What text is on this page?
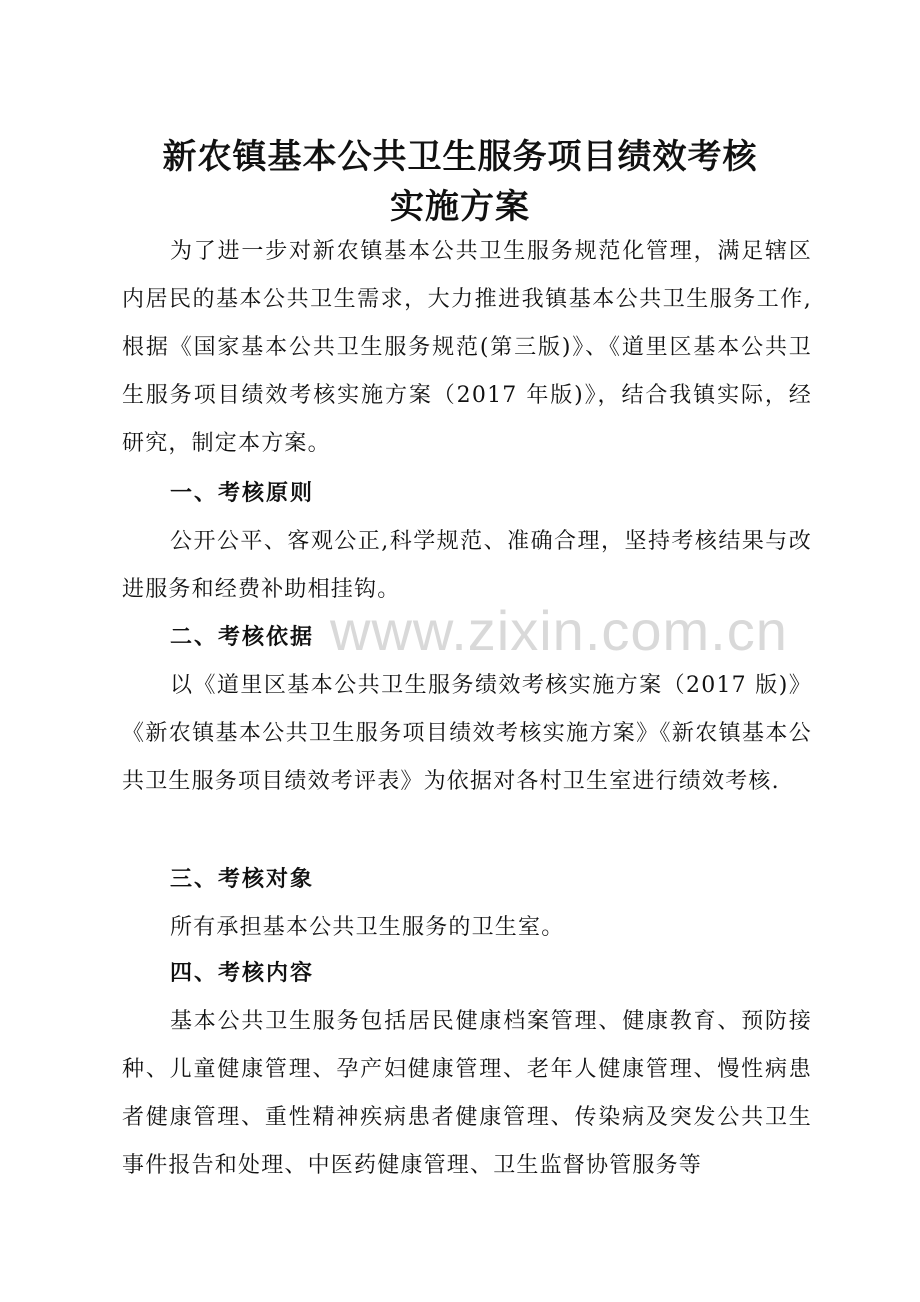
www.zixin.com.cn
新农镇基本公共卫生服务项目绩效考核
实施方案

为了进一步对新农镇基本公共卫生服务规范化管理，满足辖区内居民的基本公共卫生需求，大力推进我镇基本公共卫生服务工作,根据《国家基本公共卫生服务规范(第三版)》、《道里区基本公共卫生服务项目绩效考核实施方案（2017 年版)》，结合我镇实际，经研究，制定本方案。

一、考核原则

公开公平、客观公正,科学规范、准确合理，坚持考核结果与改进服务和经费补助相挂钩。

二、考核依据

以《道里区基本公共卫生服务绩效考核实施方案（2017 版)》《新农镇基本公共卫生服务项目绩效考核实施方案》《新农镇基本公共卫生服务项目绩效考评表》为依据对各村卫生室进行绩效考核.

三、考核对象

所有承担基本公共卫生服务的卫生室。

四、考核内容

基本公共卫生服务包括居民健康档案管理、健康教育、预防接种、儿童健康管理、孕产妇健康管理、老年人健康管理、慢性病患者健康管理、重性精神疾病患者健康管理、传染病及突发公共卫生事件报告和处理、中医药健康管理、卫生监督协管服务等
